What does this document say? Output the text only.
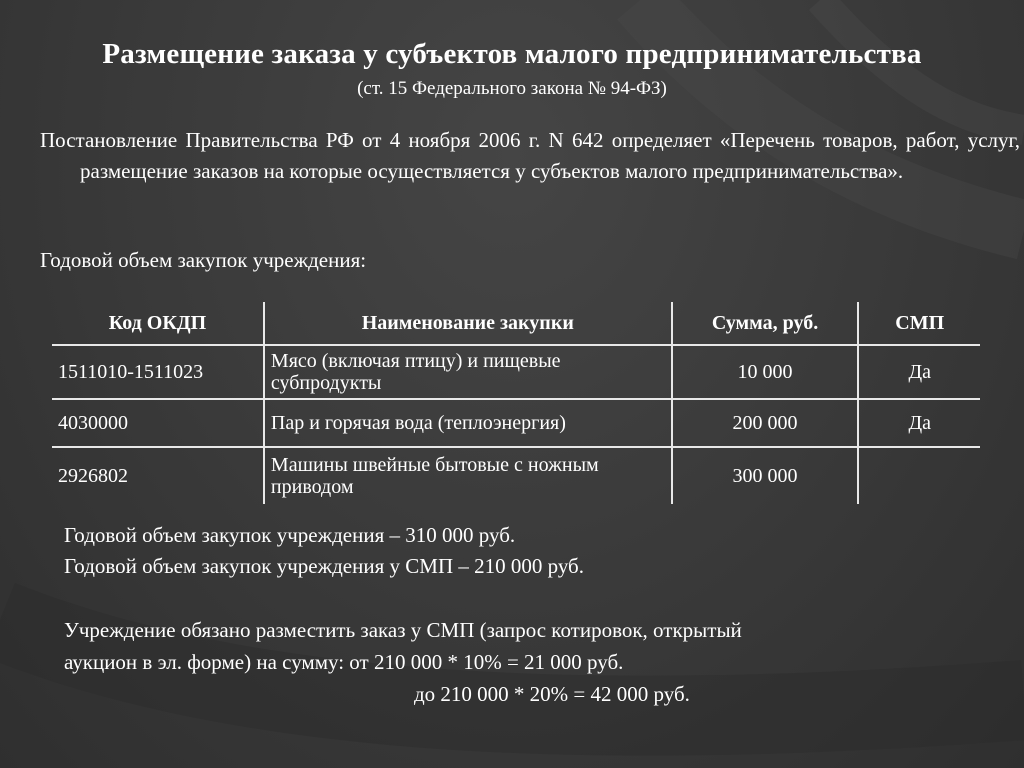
Размещение заказа у субъектов малого предпринимательства
(ст. 15 Федерального закона № 94-ФЗ)
Постановление Правительства РФ от 4 ноября 2006 г. N 642 определяет «Перечень товаров, работ, услуг, размещение заказов на которые осуществляется у субъектов малого предпринимательства».
Годовой объем закупок учреждения:
Код ОКДП	Наименование закупки	Сумма, руб.	СМП
1511010-1511023	Мясо (включая птицу) и пищевые субпродукты	10 000	Да
4030000	Пар и горячая вода (теплоэнергия)	200 000	Да
2926802	Машины швейные бытовые с ножным приводом	300 000	
Годовой объем закупок учреждения – 310 000 руб.
Годовой объем закупок учреждения у СМП – 210 000 руб.
Учреждение обязано разместить заказ у СМП (запрос котировок, открытый
аукцион в эл. форме) на сумму: от 210 000 * 10% = 21 000 руб.
до 210 000 * 20% = 42 000 руб.
